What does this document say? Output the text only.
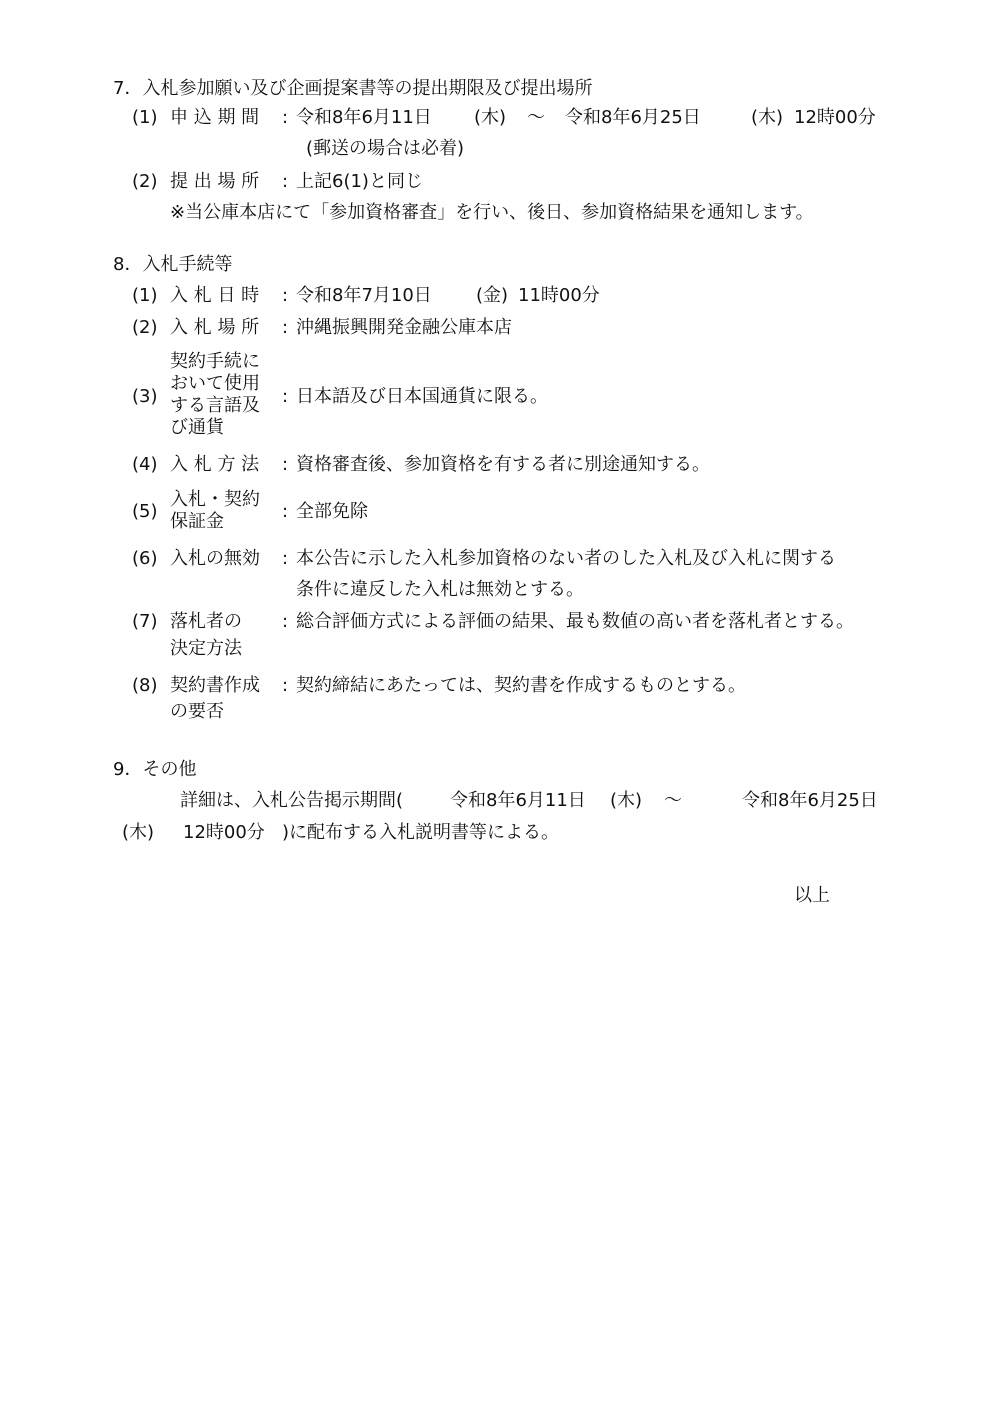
7．入札参加願い及び企画提案書等の提出期限及び提出場所
(1) 申 込 期 間 : 令和8年6月11日 (木) ～ 令和8年6月25日	(木) 12時00分
(郵送の場合は必着)
(2) 提 出 場 所 : 上記6(1)と同じ
※当公庫本店にて「参加資格審査」を行い、後日、参加資格結果を通知します。
8．入札手続等
(1) 入 札 日 時 : 令和8年7月10日 (金) 11時00分
(2) 入 札 場 所 : 沖縄振興開発金融公庫本店
(3)
契約手続に
おいて使用
する言語及
び通貨
: 日本語及び日本国通貨に限る。
(4) 入 札 方 法 : 資格審査後、参加資格を有する者に別途通知する。
(5)
入札・契約
保証金	: 全部免除
(6) 入札の無効 : 本公告に示した入札参加資格のない者のした入札及び入札に関する
条件に違反した入札は無効とする。
(7) 落札者の
決定方法
: 総合評価方式による評価の結果、最も数値の高い者を落札者とする。
(8) 契約書作成
の要否
: 契約締結にあたっては、契約書を作成するものとする。
9．その他
詳細は、入札公告掲示期間(	令和8年6月11日 (木) ～	令和8年6月25日
(木) 12時00分 )に配布する入札説明書等による。
以上
